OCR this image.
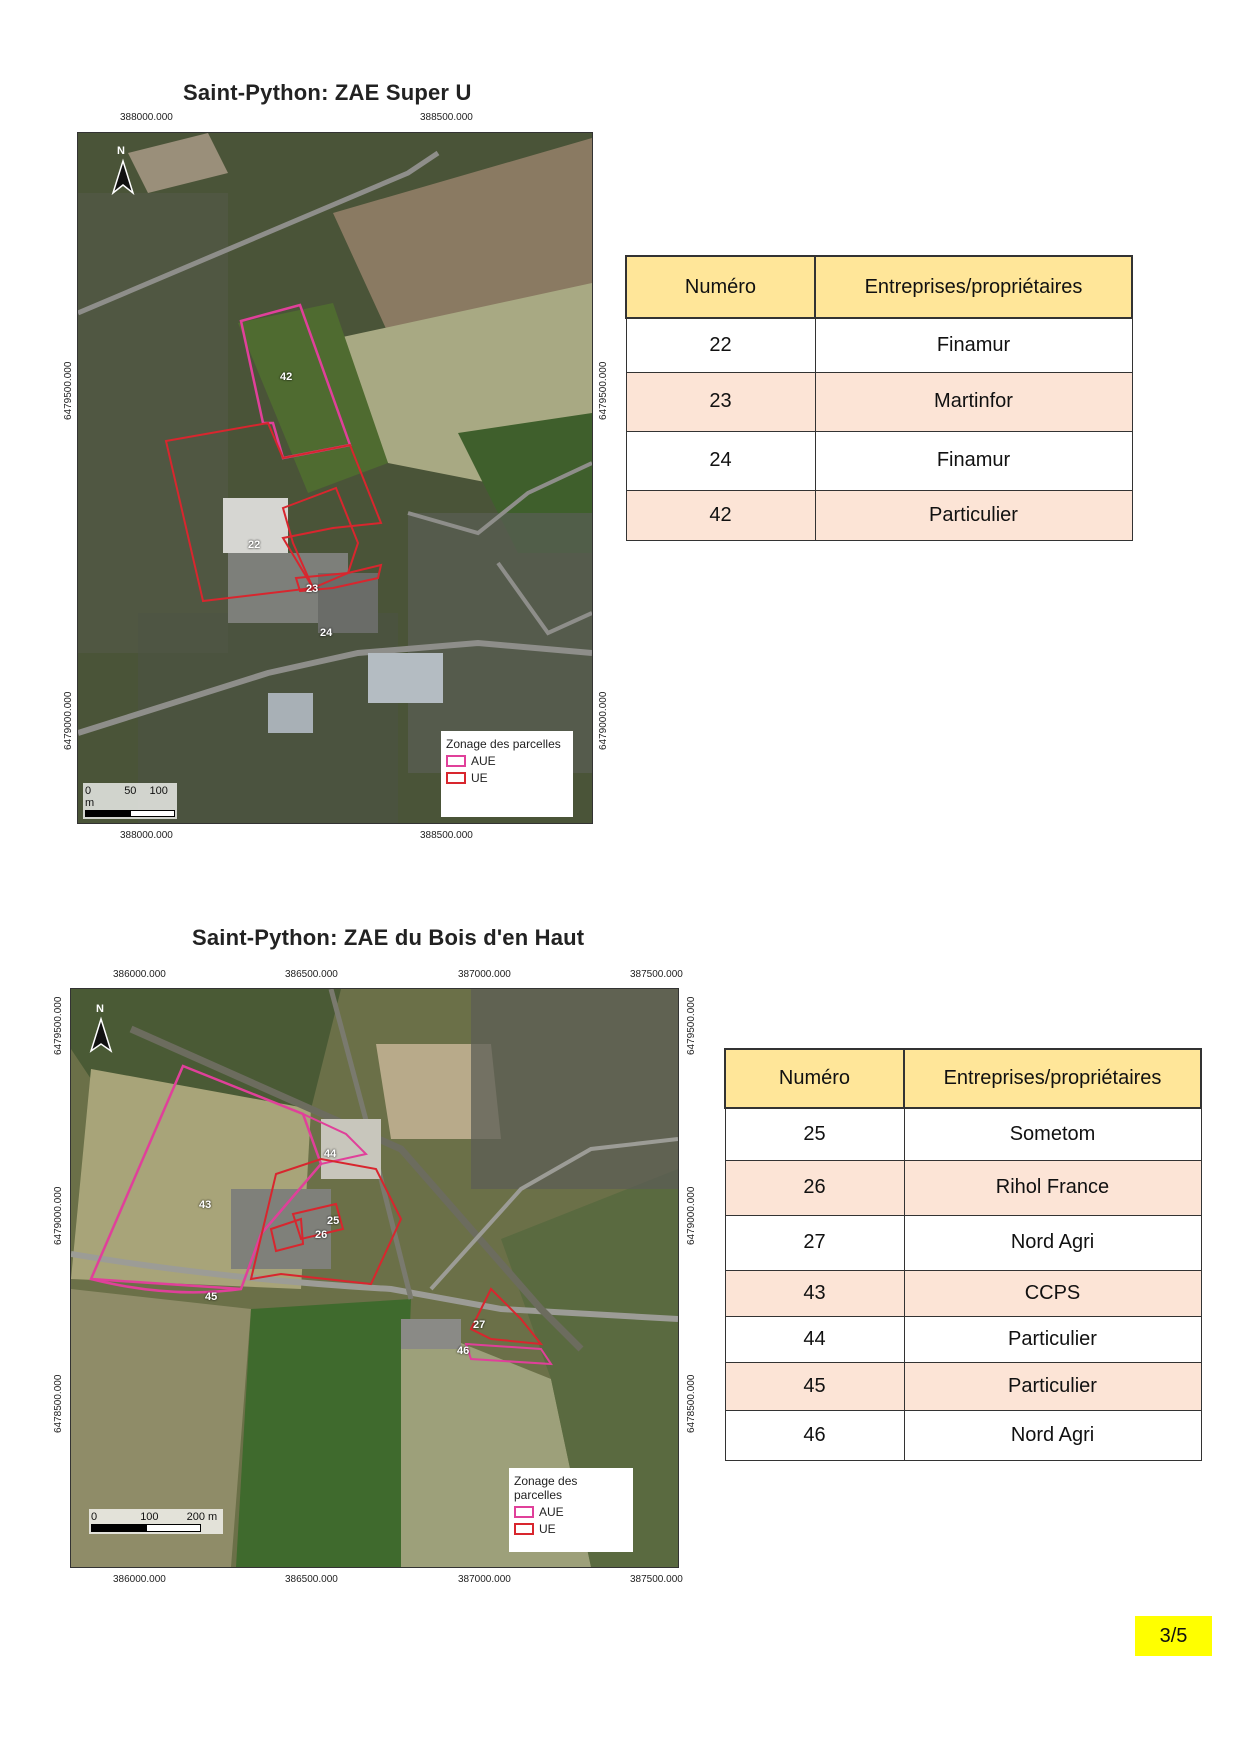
Saint-Python: ZAE Super U
388000.000	388500.000
388000.000	388500.000
6479500.000
6479000.000
6479500.000
6479000.000
N
42
22
23
24
0	50 100 m
Zonage des parcelles
AUE
UE
Numéro	Entreprises/propriétaires
22	Finamur
23	Martinfor
24	Finamur
42	Particulier
Saint-Python: ZAE du Bois d'en Haut
386000.000	386500.000	387000.000	387500.000
386000.000	386500.000	387000.000	387500.000
6479500.000
6479000.000
6478500.000
6479500.000
6479000.000
6478500.000
N
43
44
25
26
45
27
46
0	100	200 m
Zonage des parcelles
AUE
UE
Numéro	Entreprises/propriétaires
25	Sometom
26	Rihol France
27	Nord Agri
43	CCPS
44	Particulier
45	Particulier
46	Nord Agri
3/5
